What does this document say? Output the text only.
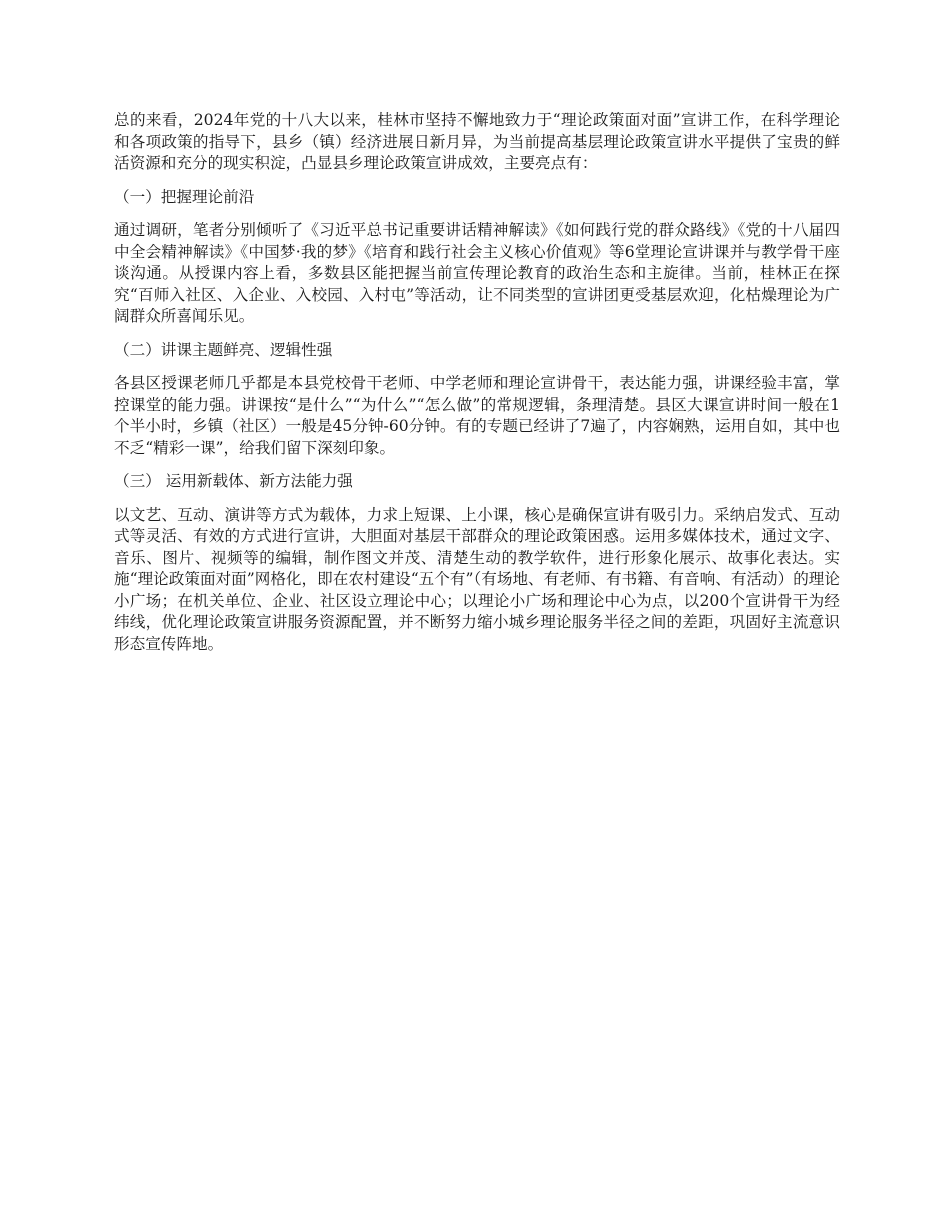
总的来看，2024年党的十八大以来，桂林市坚持不懈地致力于“理论政策面对面”宣讲工作，在科学理论和各项政策的指导下，县乡（镇）经济进展日新月异，为当前提高基层理论政策宣讲水平提供了宝贵的鲜活资源和充分的现实积淀，凸显县乡理论政策宣讲成效，主要亮点有：

（一）把握理论前沿

通过调研，笔者分别倾听了《习近平总书记重要讲话精神解读》《如何践行党的群众路线》《党的十八届四中全会精神解读》《中国梦·我的梦》《培育和践行社会主义核心价值观》等6堂理论宣讲课并与教学骨干座谈沟通。从授课内容上看，多数县区能把握当前宣传理论教育的政治生态和主旋律。当前，桂林正在探究“百师入社区、入企业、入校园、入村屯”等活动，让不同类型的宣讲团更受基层欢迎，化枯燥理论为广阔群众所喜闻乐见。

（二）讲课主题鲜亮、逻辑性强

各县区授课老师几乎都是本县党校骨干老师、中学老师和理论宣讲骨干，表达能力强，讲课经验丰富，掌控课堂的能力强。讲课按“是什么”“为什么”“怎么做”的常规逻辑，条理清楚。县区大课宣讲时间一般在1个半小时，乡镇（社区）一般是45分钟-60分钟。有的专题已经讲了7遍了，内容娴熟，运用自如，其中也不乏“精彩一课”，给我们留下深刻印象。

（三） 运用新载体、新方法能力强

以文艺、互动、演讲等方式为载体，力求上短课、上小课，核心是确保宣讲有吸引力。采纳启发式、互动式等灵活、有效的方式进行宣讲，大胆面对基层干部群众的理论政策困惑。运用多媒体技术，通过文字、音乐、图片、视频等的编辑，制作图文并茂、清楚生动的教学软件，进行形象化展示、故事化表达。实施“理论政策面对面”网格化，即在农村建设“五个有”（有场地、有老师、有书籍、有音响、有活动）的理论小广场；在机关单位、企业、社区设立理论中心；以理论小广场和理论中心为点，以200个宣讲骨干为经纬线，优化理论政策宣讲服务资源配置，并不断努力缩小城乡理论服务半径之间的差距，巩固好主流意识形态宣传阵地。
